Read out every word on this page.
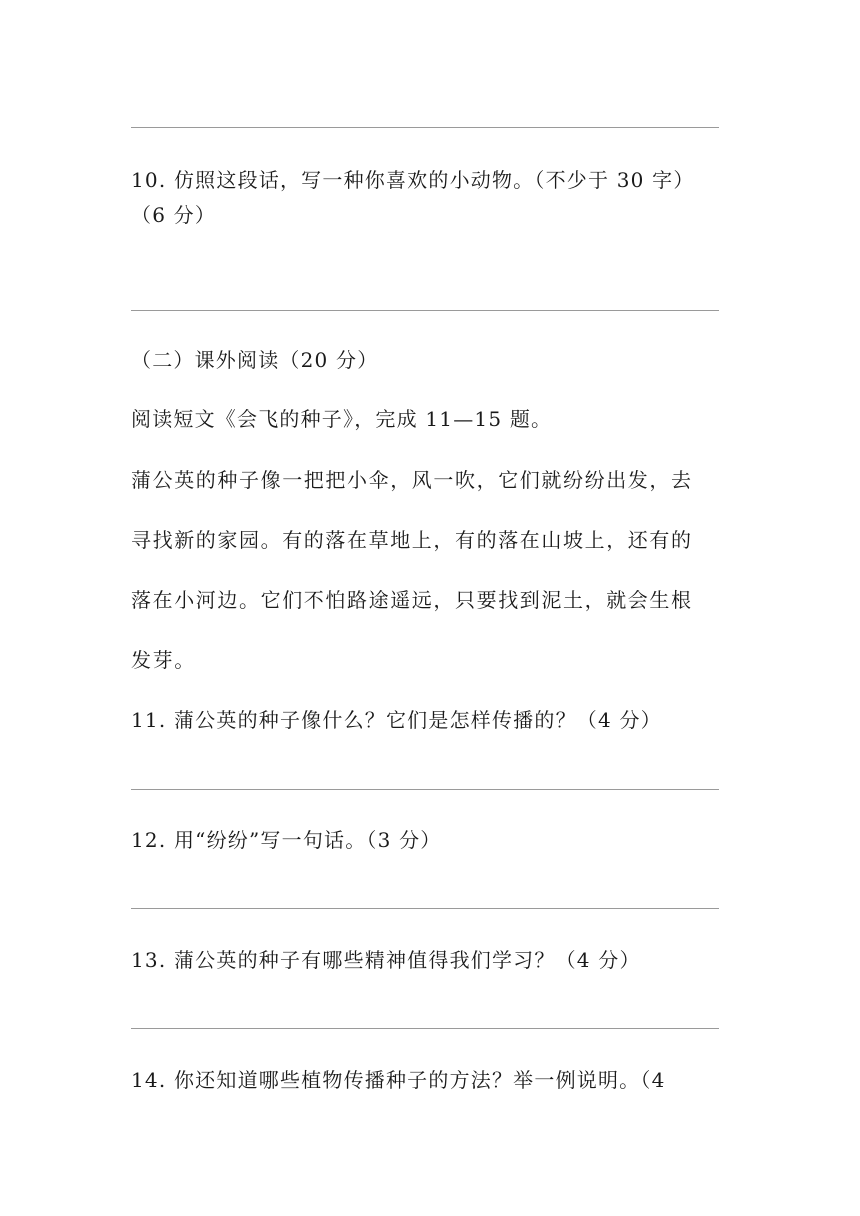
10. 仿照这段话，写一种你喜欢的小动物。（不少于 30 字）
（6 分）
（二）课外阅读（20 分）
阅读短文《会飞的种子》，完成 11—15 题。
蒲公英的种子像一把把小伞，风一吹，它们就纷纷出发，去
寻找新的家园。有的落在草地上，有的落在山坡上，还有的
落在小河边。它们不怕路途遥远，只要找到泥土，就会生根
发芽。
11. 蒲公英的种子像什么？它们是怎样传播的？（4 分）
12. 用“纷纷”写一句话。（3 分）
13. 蒲公英的种子有哪些精神值得我们学习？（4 分）
14. 你还知道哪些植物传播种子的方法？举一例说明。（4
